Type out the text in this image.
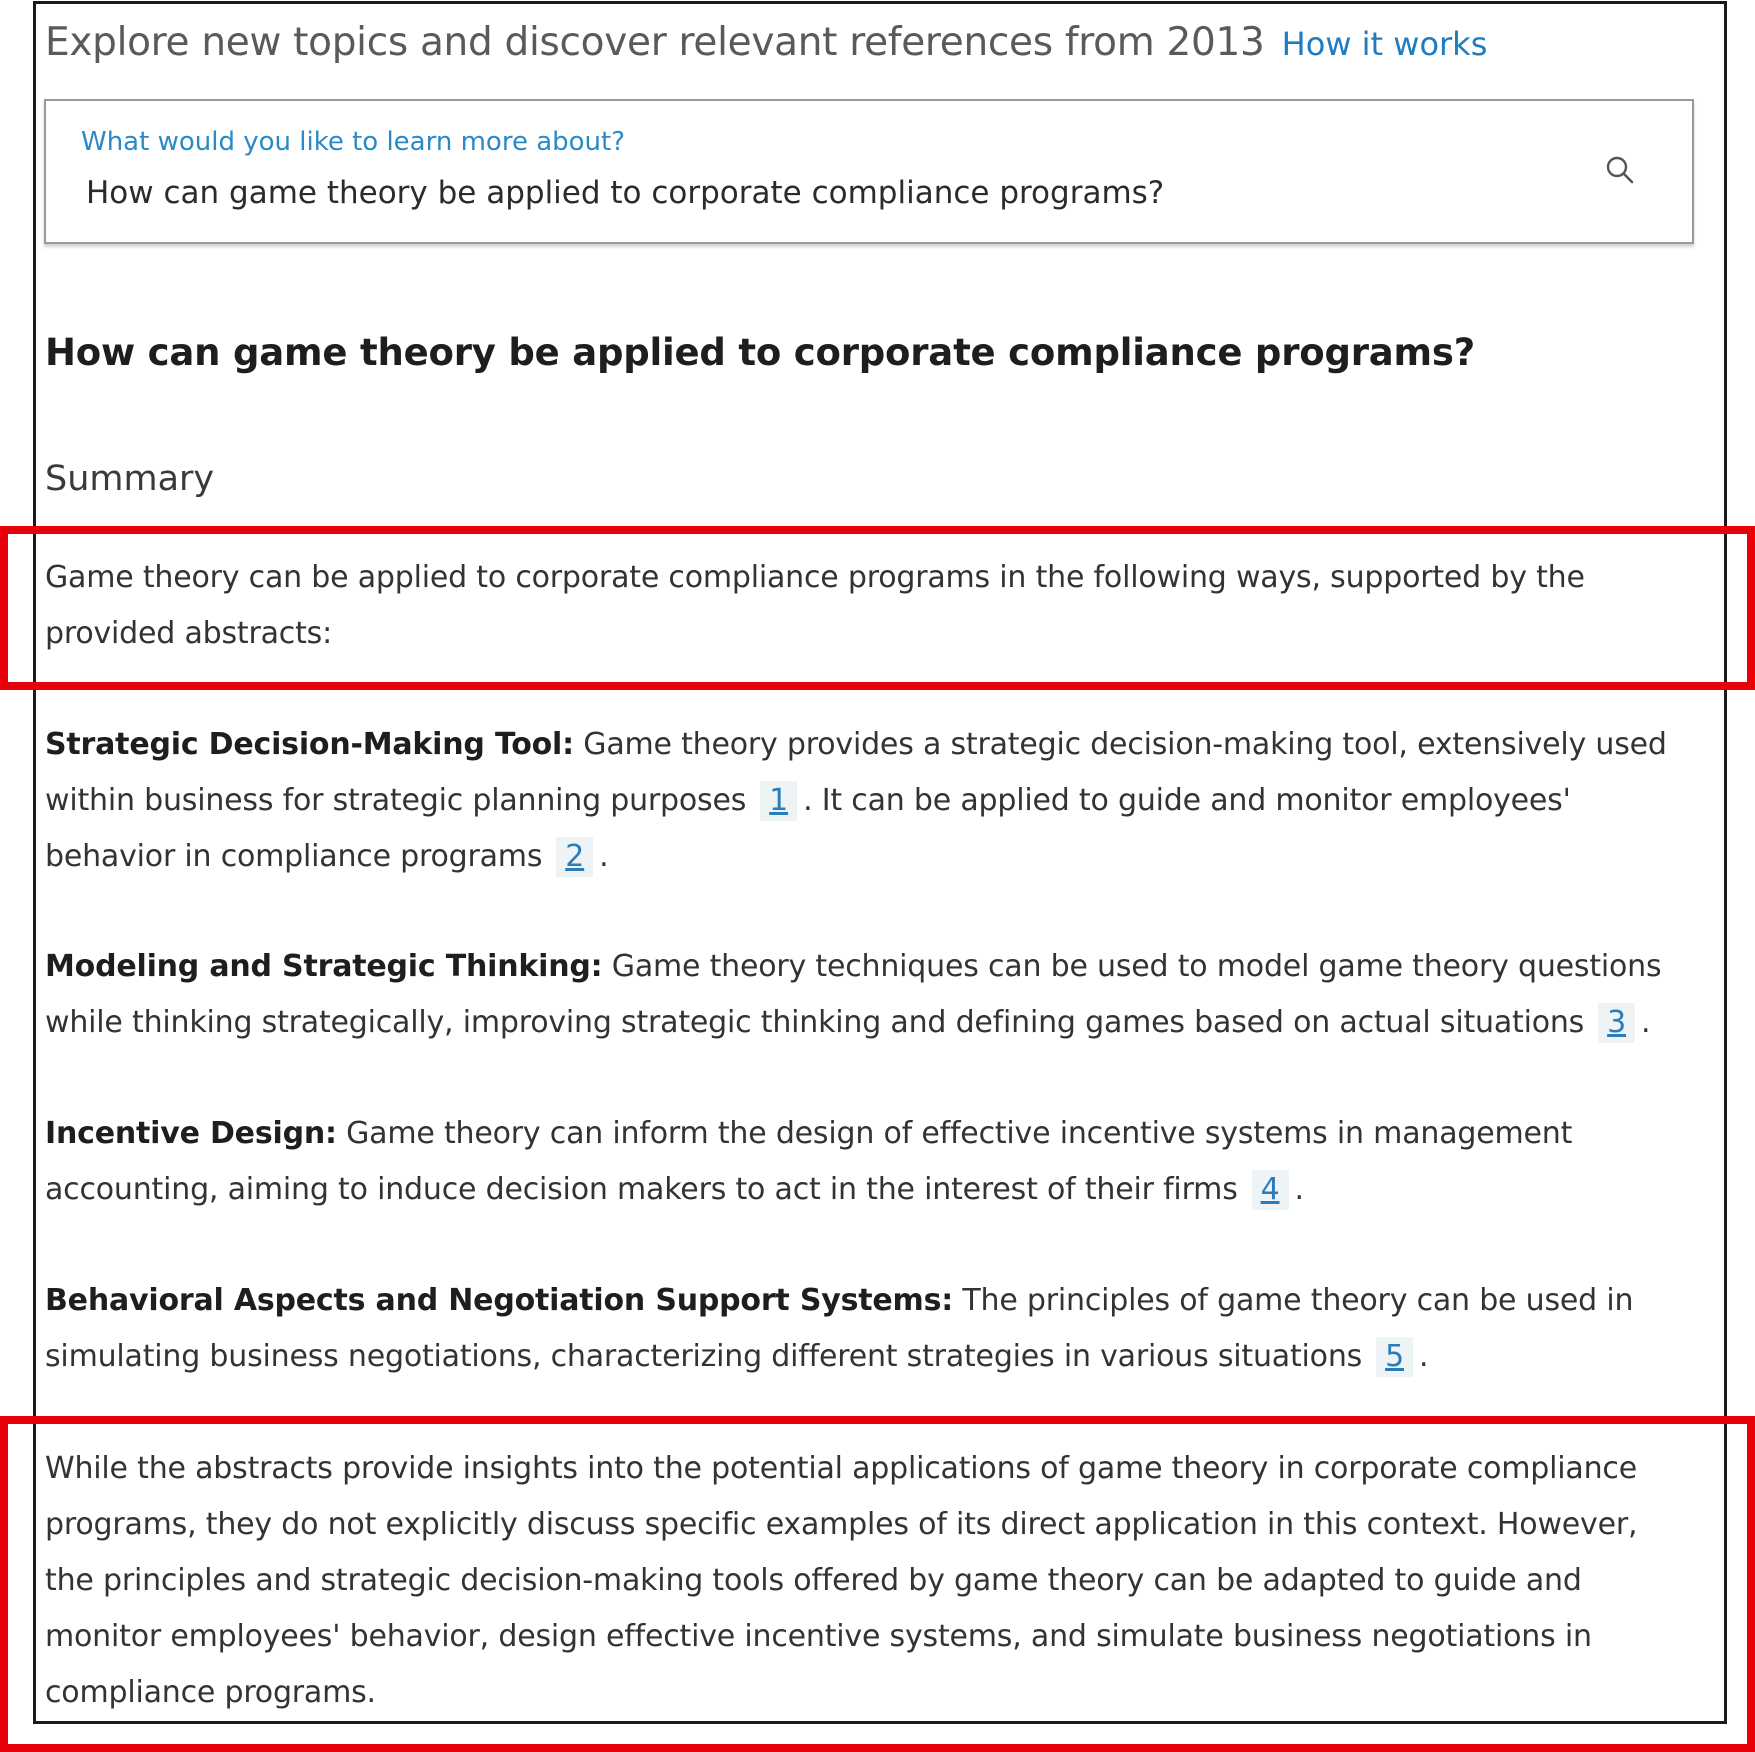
Explore new topics and discover relevant references from 2013 How it works
What would you like to learn more about?
How can game theory be applied to corporate compliance programs?
How can game theory be applied to corporate compliance programs?
Summary

Game theory can be applied to corporate compliance programs in the following ways, supported by the provided abstracts:

Strategic Decision-Making Tool: Game theory provides a strategic decision-making tool, extensively used within business for strategic planning purposes 1 . It can be applied to guide and monitor employees' behavior in compliance programs 2 .

Modeling and Strategic Thinking: Game theory techniques can be used to model game theory questions while thinking strategically, improving strategic thinking and defining games based on actual situations 3 .

Incentive Design: Game theory can inform the design of effective incentive systems in management accounting, aiming to induce decision makers to act in the interest of their firms 4 .

Behavioral Aspects and Negotiation Support Systems: The principles of game theory can be used in simulating business negotiations, characterizing different strategies in various situations 5 .

While the abstracts provide insights into the potential applications of game theory in corporate compliance programs, they do not explicitly discuss specific examples of its direct application in this context. However, the principles and strategic decision-making tools offered by game theory can be adapted to guide and monitor employees' behavior, design effective incentive systems, and simulate business negotiations in compliance programs.
